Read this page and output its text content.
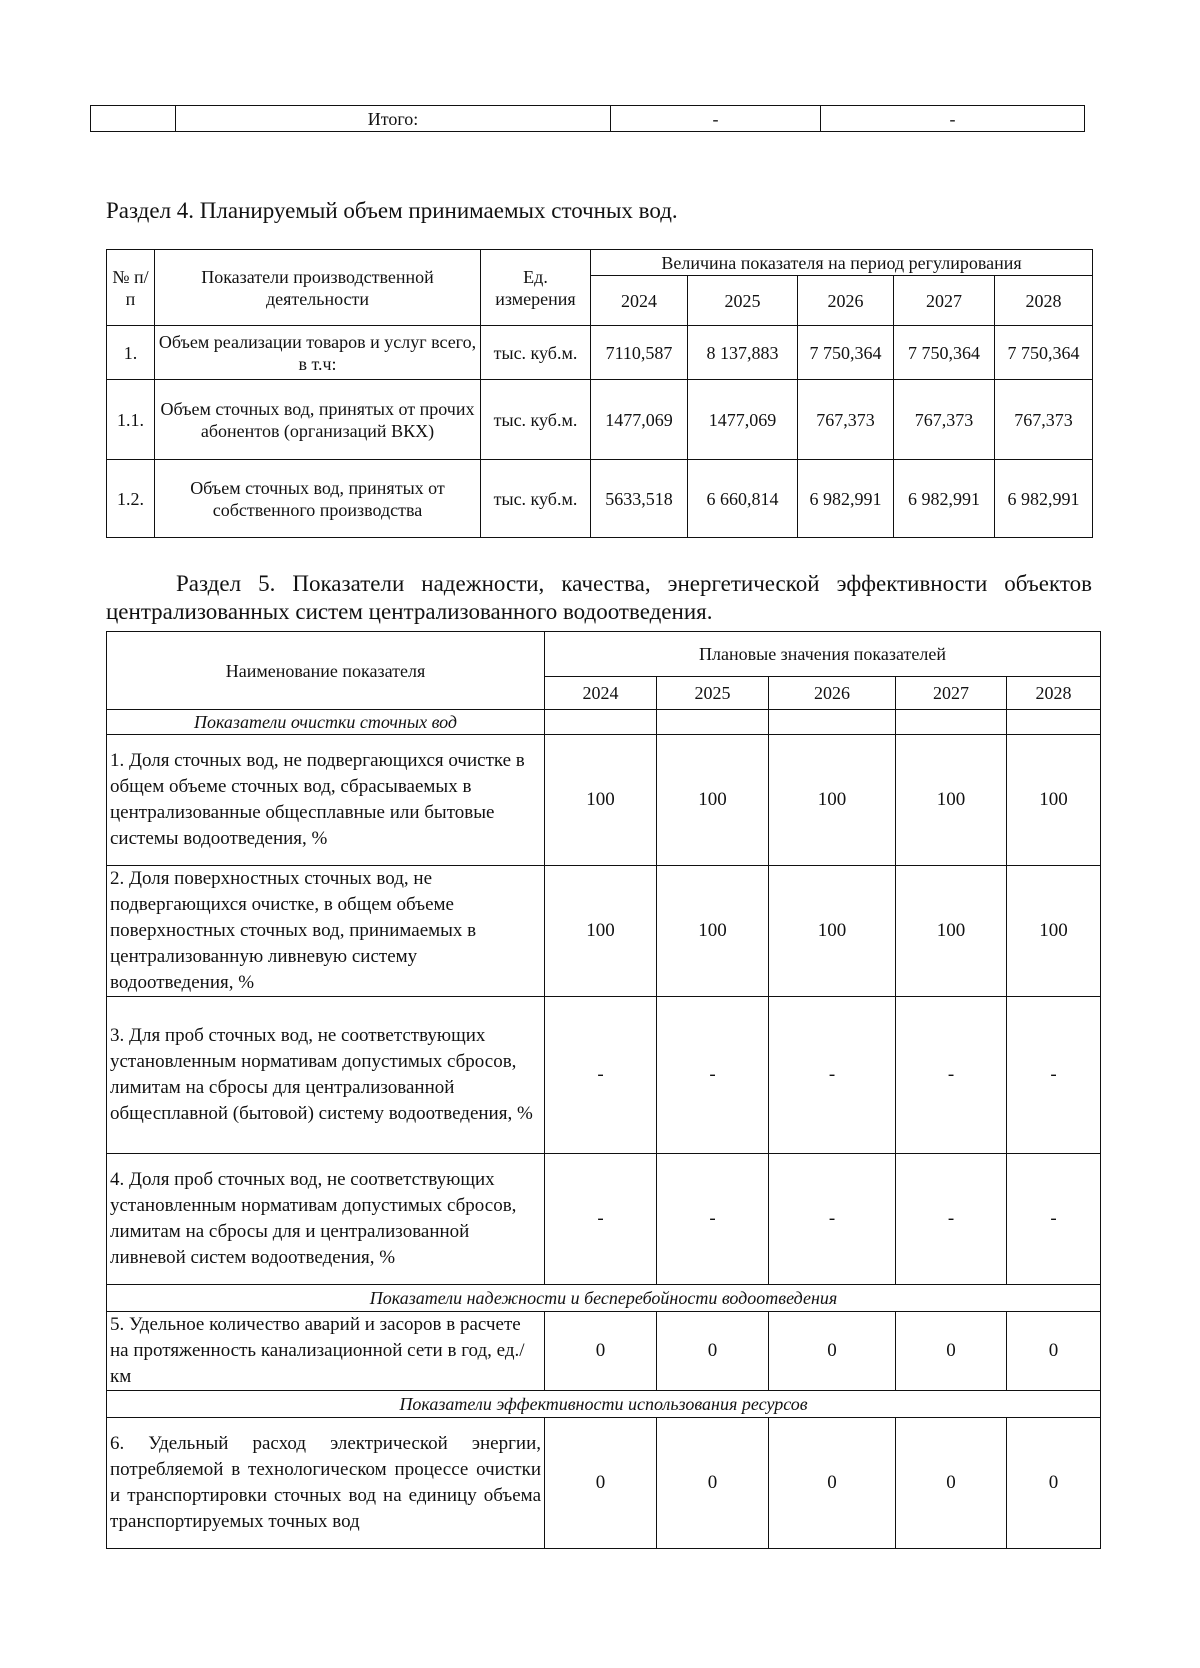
	Итого:	-	-
Раздел 4. Планируемый объем принимаемых сточных вод.
№ п/п	Показатели производственной деятельности	Ед. измерения	Величина показателя на период регулирования				
			2024	2025	2026	2027	2028
1.	Объем реализации товаров и услуг всего, в т.ч:	тыс. куб.м.	7110,587	8 137,883	7 750,364	7 750,364	7 750,364
1.1.	Объем сточных вод, принятых от прочих абонентов (организаций ВКХ)	тыс. куб.м.	1477,069	1477,069	767,373	767,373	767,373
1.2.	Объем сточных вод, принятых от собственного производства	тыс. куб.м.	5633,518	6 660,814	6 982,991	6 982,991	6 982,991
Раздел 5. Показатели надежности, качества, энергетической эффективности объектов централизованных систем централизованного водоотведения.
Наименование показателя	Плановые значения показателей				
	2024	2025	2026	2027	2028
Показатели очистки сточных вод					
1. Доля сточных вод, не подвергающихся очистке в общем объеме сточных вод, сбрасываемых в централизованные общесплавные или бытовые системы водоотведения, %	100	100	100	100	100
2. Доля поверхностных сточных вод, не подвергающихся очистке, в общем объеме поверхностных сточных вод, принимаемых в централизованную ливневую систему водоотведения, %	100	100	100	100	100
3. Для проб сточных вод, не соответствующих установленным нормативам допустимых сбросов, лимитам на сбросы для централизованной общесплавной (бытовой) систему водоотведения, %	-	-	-	-	-
4. Доля проб сточных вод, не соответствующих установленным нормативам допустимых сбросов, лимитам на сбросы для и централизованной ливневой систем водоотведения, %	-	-	-	-	-
Показатели надежности и бесперебойности водоотведения					
5. Удельное количество аварий и засоров в расчете на протяженность канализационной сети в год, ед./км	0	0	0	0	0
Показатели эффективности использования ресурсов					
6. Удельный расход электрической энергии, потребляемой в технологическом процессе очистки и транспортировки сточных вод на единицу объема транспортируемых точных вод	0	0	0	0	0
